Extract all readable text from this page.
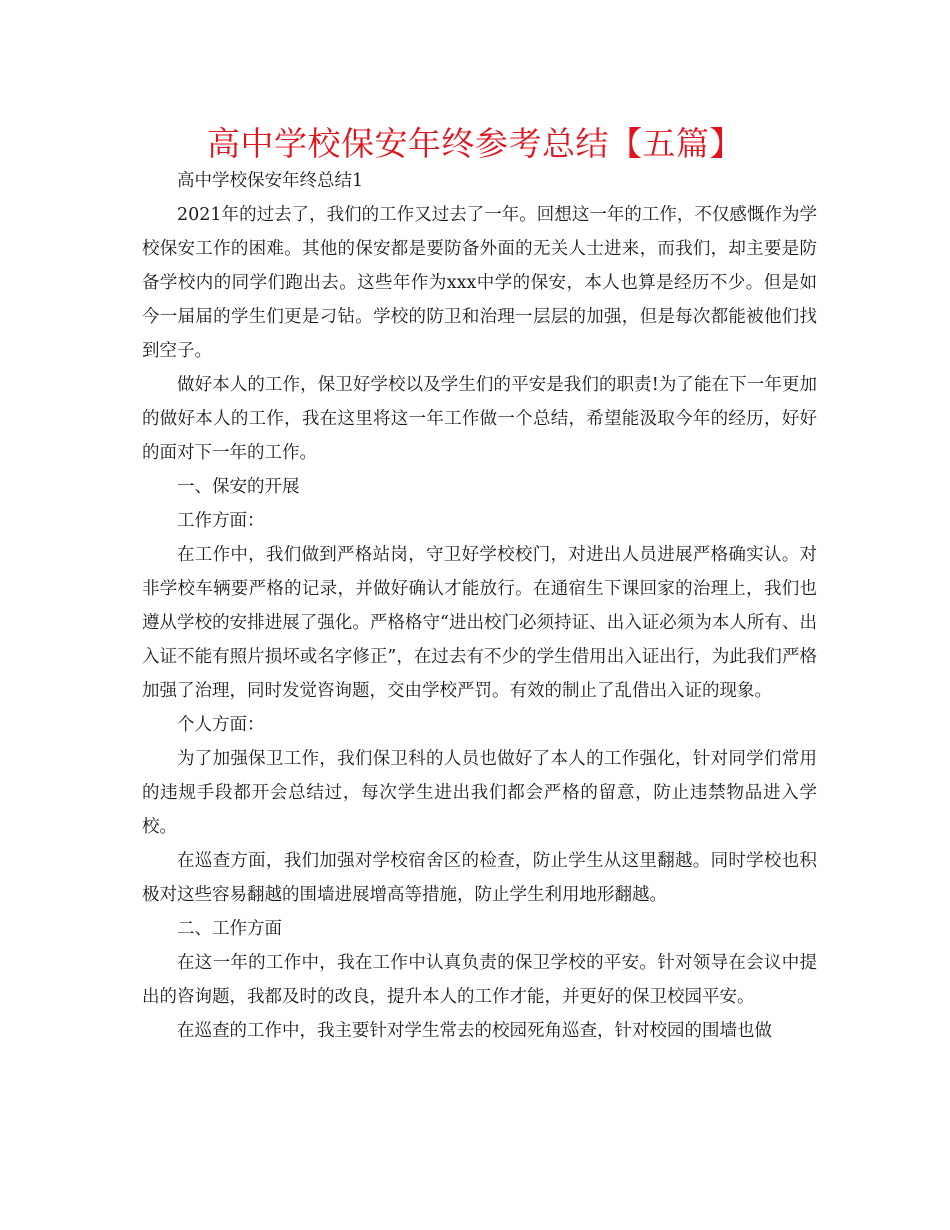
高中学校保安年终参考总结【五篇】

高中学校保安年终总结1

2021年的过去了，我们的工作又过去了一年。回想这一年的工作，不仅感慨作为学校保安工作的困难。其他的保安都是要防备外面的无关人士进来，而我们，却主要是防备学校内的同学们跑出去。这些年作为xxx中学的保安，本人也算是经历不少。但是如今一届届的学生们更是刁钻。学校的防卫和治理一层层的加强，但是每次都能被他们找到空子。

做好本人的工作，保卫好学校以及学生们的平安是我们的职责!为了能在下一年更加的做好本人的工作，我在这里将这一年工作做一个总结，希望能汲取今年的经历，好好的面对下一年的工作。

一、保安的开展

工作方面：

在工作中，我们做到严格站岗，守卫好学校校门，对进出人员进展严格确实认。对非学校车辆要严格的记录，并做好确认才能放行。在通宿生下课回家的治理上，我们也遵从学校的安排进展了强化。严格格守“进出校门必须持证、出入证必须为本人所有、出入证不能有照片损坏或名字修正”，在过去有不少的学生借用出入证出行，为此我们严格加强了治理，同时发觉咨询题，交由学校严罚。有效的制止了乱借出入证的现象。

个人方面：

为了加强保卫工作，我们保卫科的人员也做好了本人的工作强化，针对同学们常用的违规手段都开会总结过，每次学生进出我们都会严格的留意，防止违禁物品进入学校。

在巡查方面，我们加强对学校宿舍区的检查，防止学生从这里翻越。同时学校也积极对这些容易翻越的围墙进展增高等措施，防止学生利用地形翻越。

二、工作方面

在这一年的工作中，我在工作中认真负责的保卫学校的平安。针对领导在会议中提出的咨询题，我都及时的改良，提升本人的工作才能，并更好的保卫校园平安。

在巡查的工作中，我主要针对学生常去的校园死角巡查，针对校园的围墙也做
